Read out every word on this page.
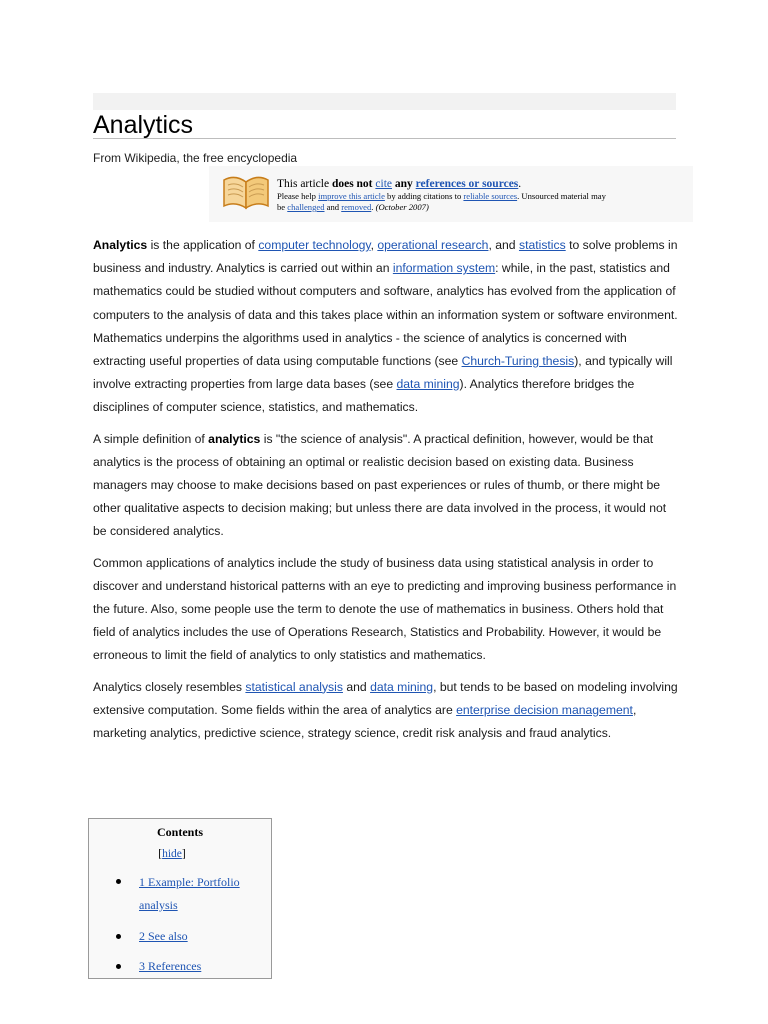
Analytics
From Wikipedia, the free encyclopedia
This article does not cite any references or sources.
Please help improve this article by adding citations to reliable sources. Unsourced material may
be challenged and removed. (October 2007)

Analytics is the application of computer technology, operational research, and statistics to solve problems in business and industry. Analytics is carried out within an information system: while, in the past, statistics and mathematics could be studied without computers and software, analytics has evolved from the application of computers to the analysis of data and this takes place within an information system or software environment. Mathematics underpins the algorithms used in analytics - the science of analytics is concerned with extracting useful properties of data using computable functions (see Church-Turing thesis), and typically will involve extracting properties from large data bases (see data mining). Analytics therefore bridges the disciplines of computer science, statistics, and mathematics.

A simple definition of analytics is "the science of analysis". A practical definition, however, would be that analytics is the process of obtaining an optimal or realistic decision based on existing data. Business managers may choose to make decisions based on past experiences or rules of thumb, or there might be other qualitative aspects to decision making; but unless there are data involved in the process, it would not be considered analytics.

Common applications of analytics include the study of business data using statistical analysis in order to discover and understand historical patterns with an eye to predicting and improving business performance in the future. Also, some people use the term to denote the use of mathematics in business. Others hold that field of analytics includes the use of Operations Research, Statistics and Probability. However, it would be erroneous to limit the field of analytics to only statistics and mathematics.

Analytics closely resembles statistical analysis and data mining, but tends to be based on modeling involving extensive computation. Some fields within the area of analytics are enterprise decision management, marketing analytics, predictive science, strategy science, credit risk analysis and fraud analytics.

Contents
[hide]
1 Example: Portfolio
analysis
2 See also
3 References
